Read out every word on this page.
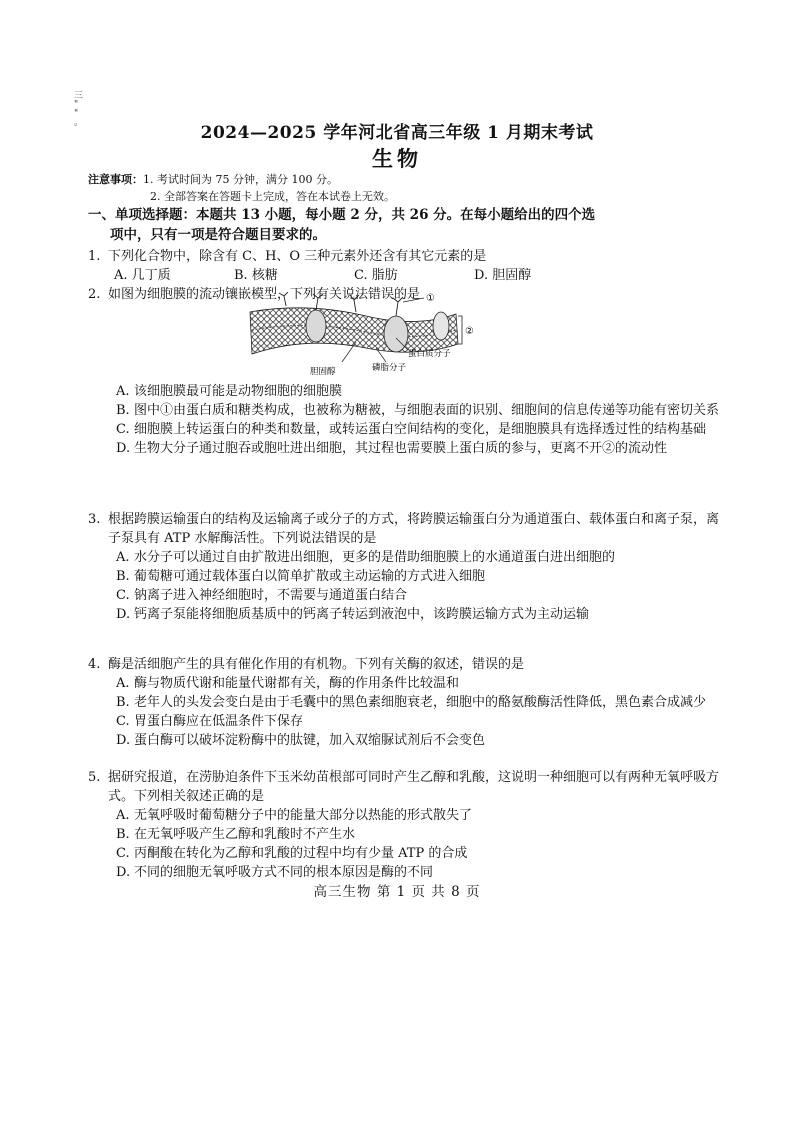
三
"
"
。	2024—2025 学年河北省高三年级 1 月期末考试
生物
注意事项：1. 考试时间为 75 分钟，满分 100 分。
2. 全部答案在答题卡上完成，答在本试卷上无效。
一、单项选择题：本题共 13 小题，每小题 2 分，共 26 分。在每小题给出的四个选
项中，只有一项是符合题目要求的。
1. 下列化合物中，除含有 C、H、O 三种元素外还含有其它元素的是
A. 几丁质	B. 核糖	C. 脂肪	D. 胆固醇
2. 如图为细胞膜的流动镶嵌模型，下列有关说法错误的是 ①
②
蛋白质分子
胆固醇	磷脂分子
A. 该细胞膜最可能是动物细胞的细胞膜
B. 图中①由蛋白质和糖类构成，也被称为糖被，与细胞表面的识别、细胞间的信息传递等功能有密切关系
C. 细胞膜上转运蛋白的种类和数量，或转运蛋白空间结构的变化，是细胞膜具有选择透过性的结构基础
D. 生物大分子通过胞吞或胞吐进出细胞，其过程也需要膜上蛋白质的参与，更离不开②的流动性
3. 根据跨膜运输蛋白的结构及运输离子或分子的方式，将跨膜运输蛋白分为通道蛋白、载体蛋白和离子泵，离子泵具有 ATP 水解酶活性。下列说法错误的是
A. 水分子可以通过自由扩散进出细胞，更多的是借助细胞膜上的水通道蛋白进出细胞的
B. 葡萄糖可通过载体蛋白以简单扩散或主动运输的方式进入细胞
C. 钠离子进入神经细胞时，不需要与通道蛋白结合
D. 钙离子泵能将细胞质基质中的钙离子转运到液泡中，该跨膜运输方式为主动运输
4. 酶是活细胞产生的具有催化作用的有机物。下列有关酶的叙述，错误的是
A. 酶与物质代谢和能量代谢都有关，酶的作用条件比较温和
B. 老年人的头发会变白是由于毛囊中的黑色素细胞衰老，细胞中的酪氨酸酶活性降低，黑色素合成减少
C. 胃蛋白酶应在低温条件下保存
D. 蛋白酶可以破坏淀粉酶中的肽键，加入双缩脲试剂后不会变色
5. 据研究报道，在涝胁迫条件下玉米幼苗根部可同时产生乙醇和乳酸，这说明一种细胞可以有两种无氧呼吸方式。下列相关叙述正确的是
A. 无氧呼吸时葡萄糖分子中的能量大部分以热能的形式散失了
B. 在无氧呼吸产生乙醇和乳酸时不产生水
C. 丙酮酸在转化为乙醇和乳酸的过程中均有少量 ATP 的合成
D. 不同的细胞无氧呼吸方式不同的根本原因是酶的不同
高三生物 第 1 页 共 8 页
